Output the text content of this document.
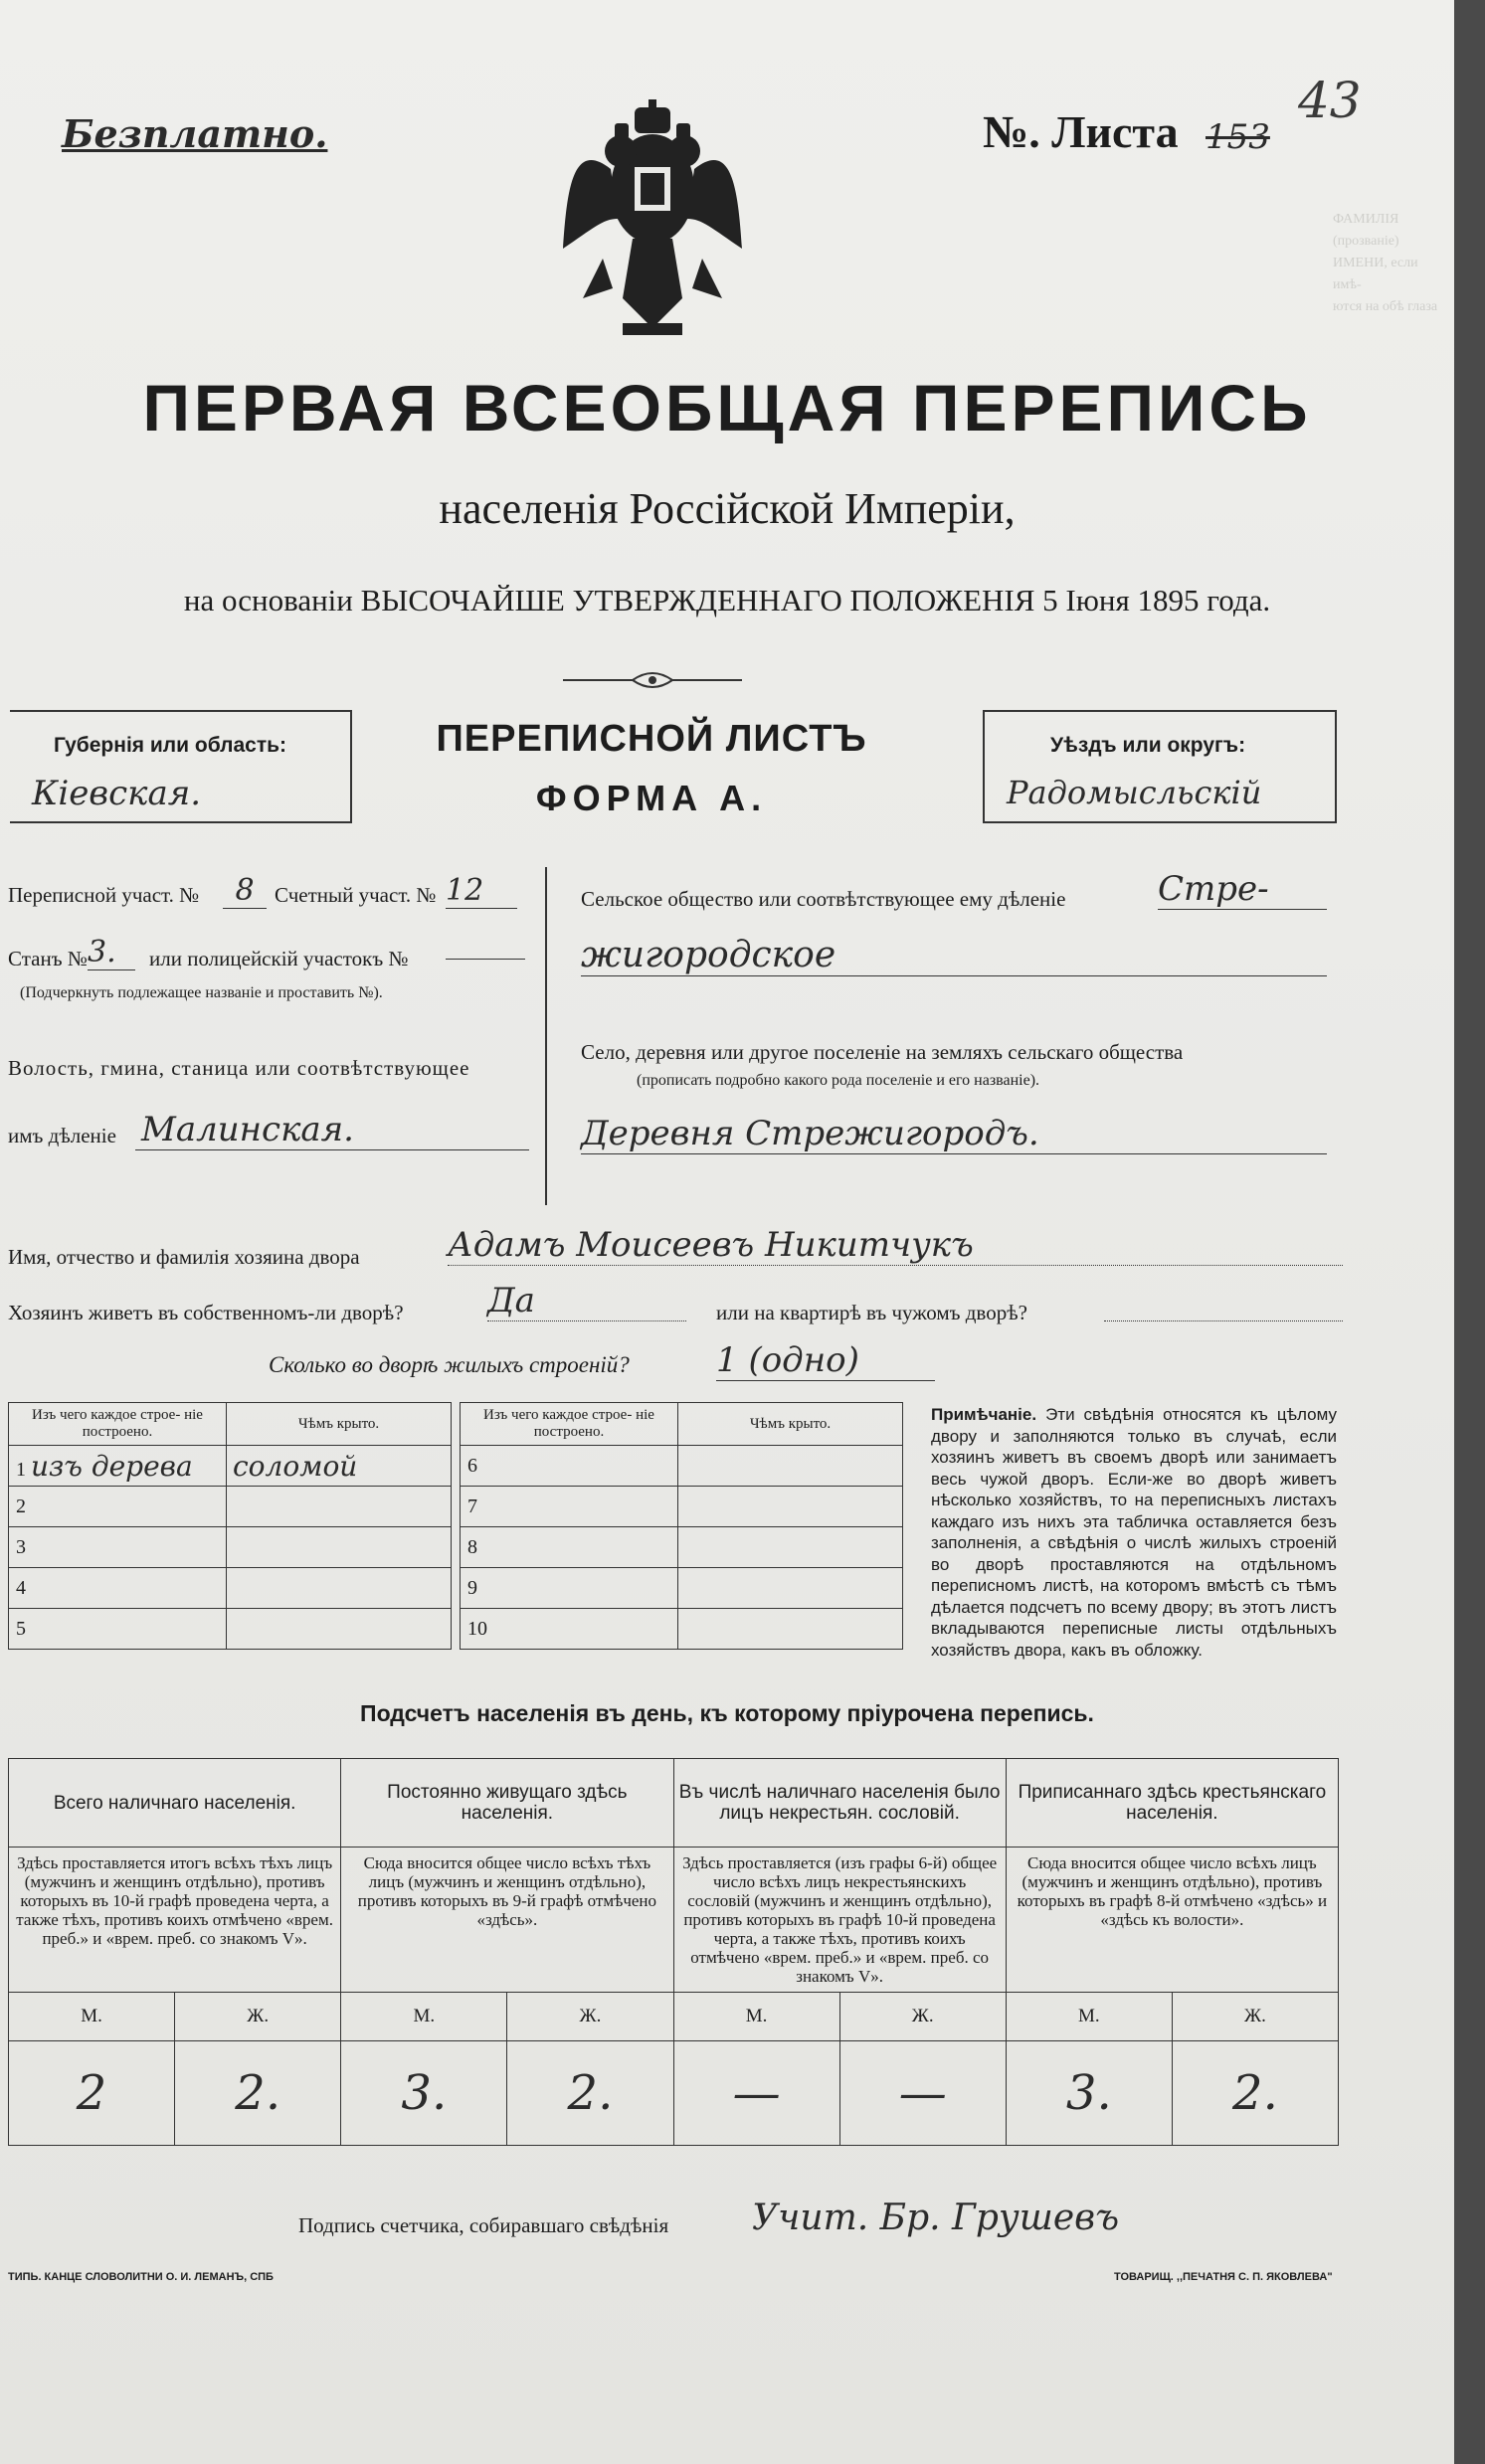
ФАМИЛІЯ (прозваніе)
ИМЕНИ, если имѣ-
ются на обѣ глаза
Безплатно.	№. Листа 153
43
ПЕРВАЯ ВСЕОБЩАЯ ПЕРЕПИСЬ
населенія Россійской Имперіи,
на основаніи ВЫСОЧАЙШЕ УТВЕРЖДЕННАГО ПОЛОЖЕНІЯ 5 Іюня 1895 года.
Губернія или область:
Кіевская.
ПЕРЕПИСНОЙ ЛИСТЪ
ФОРМА А.
Уѣздъ или округъ:
Радомысльскій
Переписной участ. №	8 Счетный участ. № 12
Станъ № 3.	или полицейскій участокъ №
(Подчеркнуть подлежащее названіе и проставить №).
Волость, гмина, станица или соотвѣтствующее
имъ дѣленіе Малинская.
Сельское общество или соотвѣтствующее ему дѣленіе	Стре-
жигородское
Село, деревня или другое поселеніе на земляхъ сельскаго общества
(прописать подробно какого рода поселеніе и его названіе).
Деревня Стрежигородъ.
Имя, отчество и фамилія хозяина двора	Адамъ Моисеевъ Никитчукъ
Хозяинъ живетъ въ собственномъ-ли дворѣ? Да	или на квартирѣ въ чужомъ дворѣ?
Сколько во дворѣ жилыхъ строеній?	1 (одно)
Изъ чего каждое строе- ніе построено.	Чѣмъ крыто.
1 изъ дерева	соломой
2	
3	
4	
5	
Изъ чего каждое строе- ніе построено.	Чѣмъ крыто.
6	
7	
8	
9	
10	
Примѣчаніе. Эти свѣдѣнія относятся къ цѣлому двору и заполняются только въ случаѣ, если хозяинъ живетъ въ своемъ дворѣ или занимаетъ весь чужой дворъ. Если-же во дворѣ живетъ нѣсколько хозяйствъ, то на переписныхъ листахъ каждаго изъ нихъ эта табличка оставляется безъ заполненія, а свѣдѣнія о числѣ жилыхъ строеній во дворѣ проставляются на отдѣльномъ переписномъ листѣ, на которомъ вмѣстѣ съ тѣмъ дѣлается подсчетъ по всему двору; въ этотъ листъ вкладываются переписные листы отдѣльныхъ хозяйствъ двора, какъ въ обложку.
Подсчетъ населенія въ день, къ которому пріурочена перепись.
Всего наличнаго населенія.		Постоянно живущаго здѣсь населенія.		Въ числѣ наличнаго населенія было лицъ некрестьян. сословій.		Приписаннаго здѣсь крестьянскаго населенія.	
Здѣсь проставляется итогъ всѣхъ тѣхъ лицъ (мужчинъ и женщинъ отдѣльно), противъ которыхъ въ 10-й графѣ проведена черта, а также тѣхъ, противъ коихъ отмѣчено «врем. преб.» и «врем. преб. со знакомъ V».		Сюда вносится общее число всѣхъ тѣхъ лицъ (мужчинъ и женщинъ отдѣльно), противъ которыхъ въ 9-й графѣ отмѣчено «здѣсь».		Здѣсь проставляется (изъ графы 6-й) общее число всѣхъ лицъ некрестьянскихъ сословій (мужчинъ и женщинъ отдѣльно), противъ которыхъ въ графѣ 10-й проведена черта, а также тѣхъ, противъ коихъ отмѣчено «врем. преб.» и «врем. преб. со знакомъ V».		Сюда вносится общее число всѣхъ лицъ (мужчинъ и женщинъ отдѣльно), противъ которыхъ въ графѣ 8-й отмѣчено «здѣсь» и «здѣсь къ волости».	
М.	Ж.	М.	Ж.	М.	Ж.	М.	Ж.
2	2.	3.	2.	—	—	3.	2.
Подпись счетчика, собиравшаго свѣдѣнія Учит. Бр. Грушевъ
ТИПЬ. КАНЦЕ СЛОВОЛИТНИ О. И. ЛЕМАНЪ, СПБ	ТОВАРИЩ. ,,ПЕЧАТНЯ С. П. ЯКОВЛЕВА"
